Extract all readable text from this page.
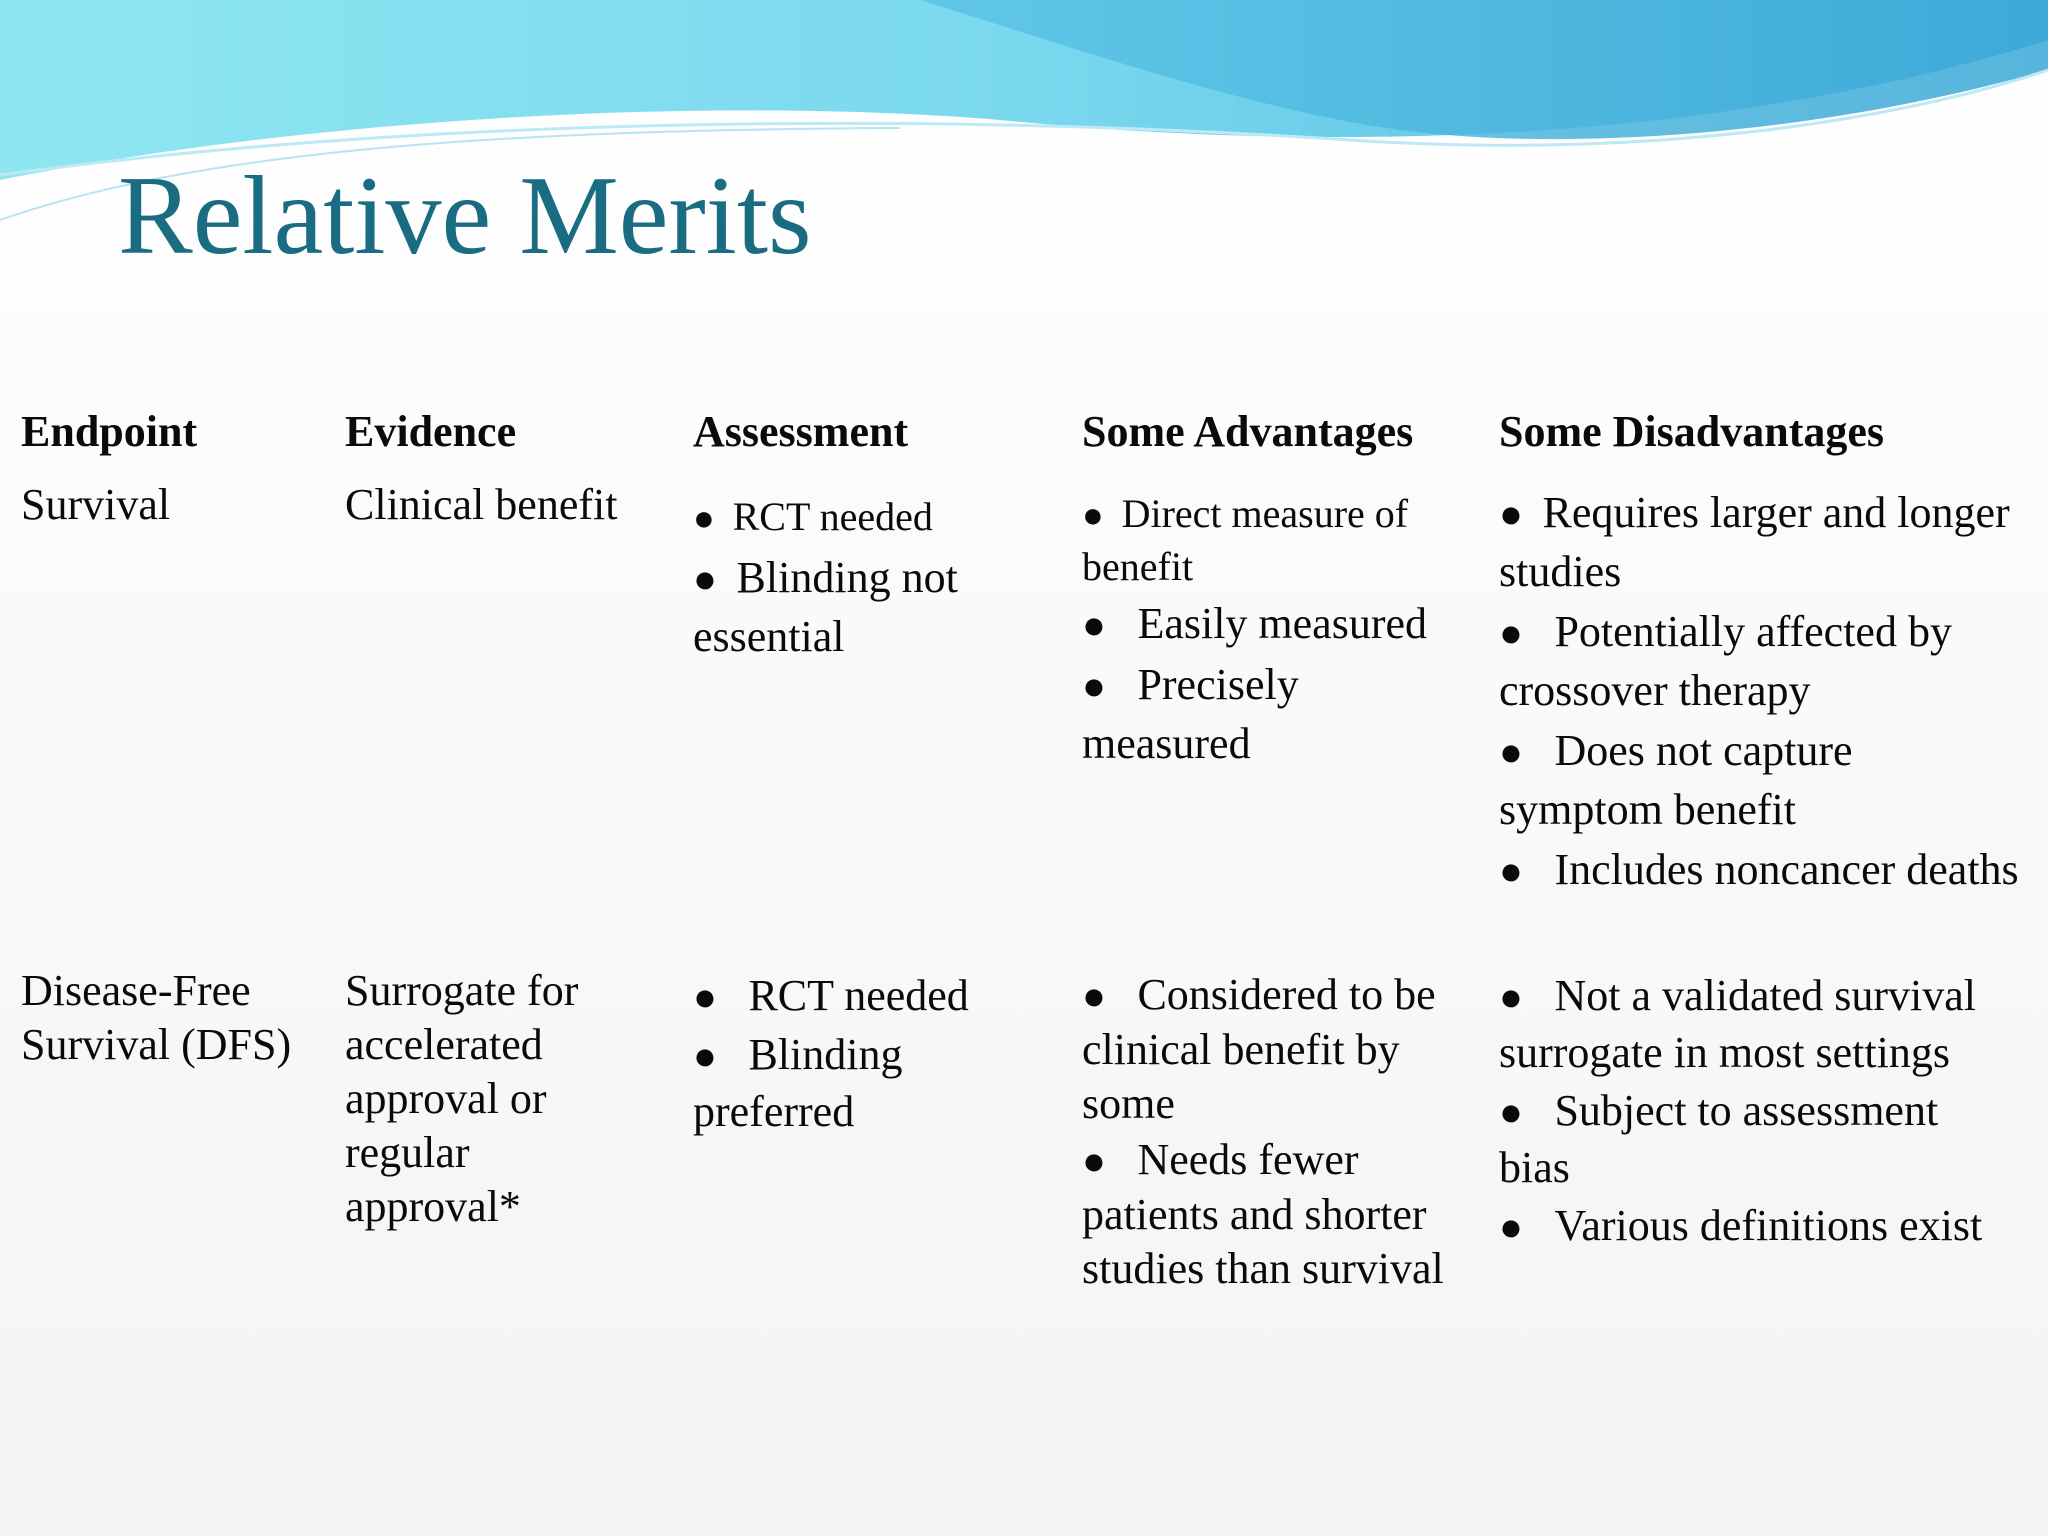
Relative Merits

Endpoint

Survival

Disease-Free Survival (DFS)

Evidence

Clinical benefit

Surrogate for accelerated approval or regular approval*

Assessment

● RCT needed
● Blinding not essential
● RCT needed
● Blinding preferred

Some Advantages

● Direct measure of benefit
● Easily measured
● Precisely measured
● Considered to be clinical benefit by some
● Needs fewer patients and shorter studies than survival

Some Disadvantages

● Requires larger and longer studies
● Potentially affected by crossover therapy
● Does not capture symptom benefit
● Includes noncancer deaths
● Not a validated survival surrogate in most settings
● Subject to assessment bias
● Various definitions exist
